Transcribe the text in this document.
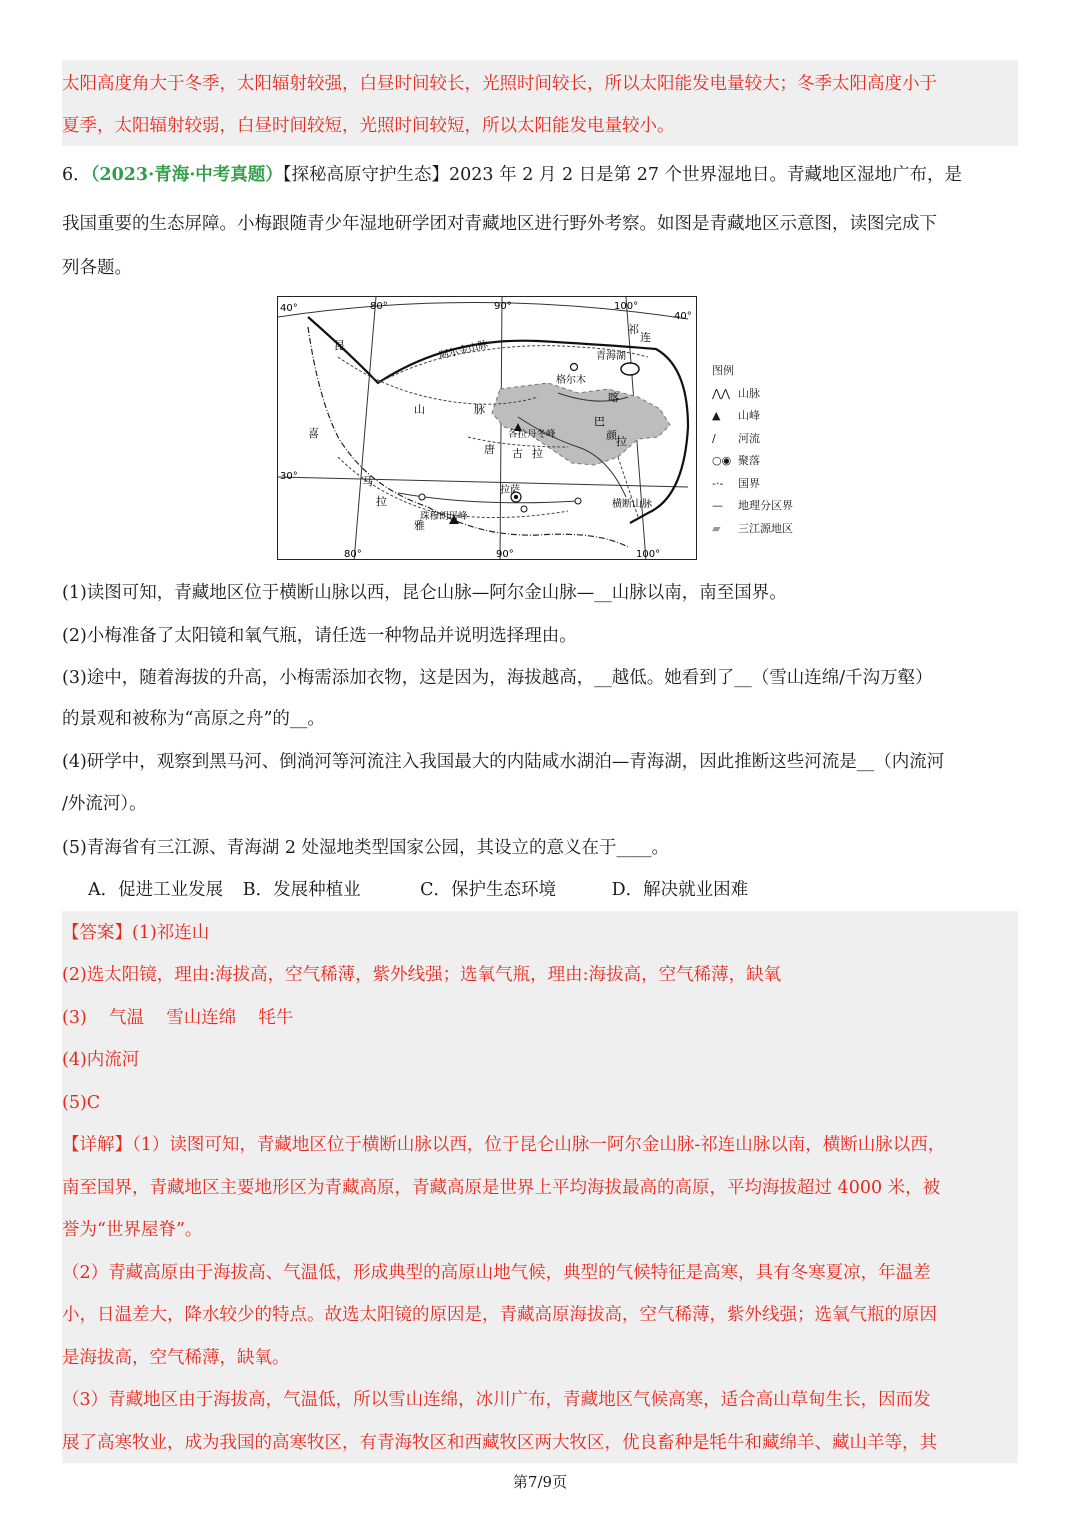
太阳高度角大于冬季，太阳辐射较强，白昼时间较长，光照时间较长，所以太阳能发电量较大；冬季太阳高度小于
夏季，太阳辐射较弱，白昼时间较短，光照时间较短，所以太阳能发电量较小。
6．（2023·青海·中考真题）【探秘高原守护生态】2023 年 2 月 2 日是第 27 个世界湿地日。青藏地区湿地广布，是
我国重要的生态屏障。小梅跟随青少年湿地研学团对青藏地区进行野外考察。如图是青藏地区示意图，读图完成下
列各题。
40°	80°	90°	100°
40°
30°
80°	90°	100°
青海湖
格尔木
阿尔金山脉
昆
祁
连
山	脉
喜
马
拉
雅
唐 古 拉
各拉丹冬峰
拉萨
珠穆朗玛峰
横断山脉
巴
颜
喀
拉
图例
⋀⋀ 山脉
▲ 山峰
∕ 河流
○◉ 聚落
-·- 国界
— 地理分区界
▰ 三江源地区
(1)读图可知，青藏地区位于横断山脉以西，昆仑山脉—阿尔金山脉—__山脉以南，南至国界。
(2)小梅准备了太阳镜和氧气瓶，请任选一种物品并说明选择理由。
(3)途中，随着海拔的升高，小梅需添加衣物，这是因为，海拔越高，__越低。她看到了__（雪山连绵/千沟万壑）
的景观和被称为“高原之舟”的__。
(4)研学中，观察到黑马河、倒淌河等河流注入我国最大的内陆咸水湖泊—青海湖，因此推断这些河流是__（内流河
/外流河）。
(5)青海省有三江源、青海湖 2 处湿地类型国家公园，其设立的意义在于____。
A．促进工业发展 B．发展种植业	C．保护生态环境	D．解决就业困难
【答案】(1)祁连山
(2)选太阳镜，理由:海拔高，空气稀薄，紫外线强；选氧气瓶，理由:海拔高，空气稀薄，缺氧
(3)    气温    雪山连绵    牦牛
(4)内流河
(5)C
【详解】（1）读图可知，青藏地区位于横断山脉以西，位于昆仑山脉一阿尔金山脉-祁连山脉以南，横断山脉以西，
南至国界，青藏地区主要地形区为青藏高原，青藏高原是世界上平均海拔最高的高原，平均海拔超过 4000 米，被
誉为“世界屋脊”。
（2）青藏高原由于海拔高、气温低，形成典型的高原山地气候，典型的气候特征是高寒，具有冬寒夏凉，年温差
小，日温差大，降水较少的特点。故选太阳镜的原因是，青藏高原海拔高，空气稀薄，紫外线强；选氧气瓶的原因
是海拔高，空气稀薄，缺氧。
（3）青藏地区由于海拔高，气温低，所以雪山连绵，冰川广布，青藏地区气候高寒，适合高山草甸生长，因而发
展了高寒牧业，成为我国的高寒牧区，有青海牧区和西藏牧区两大牧区，优良畜种是牦牛和藏绵羊、藏山羊等，其
第7/9页
